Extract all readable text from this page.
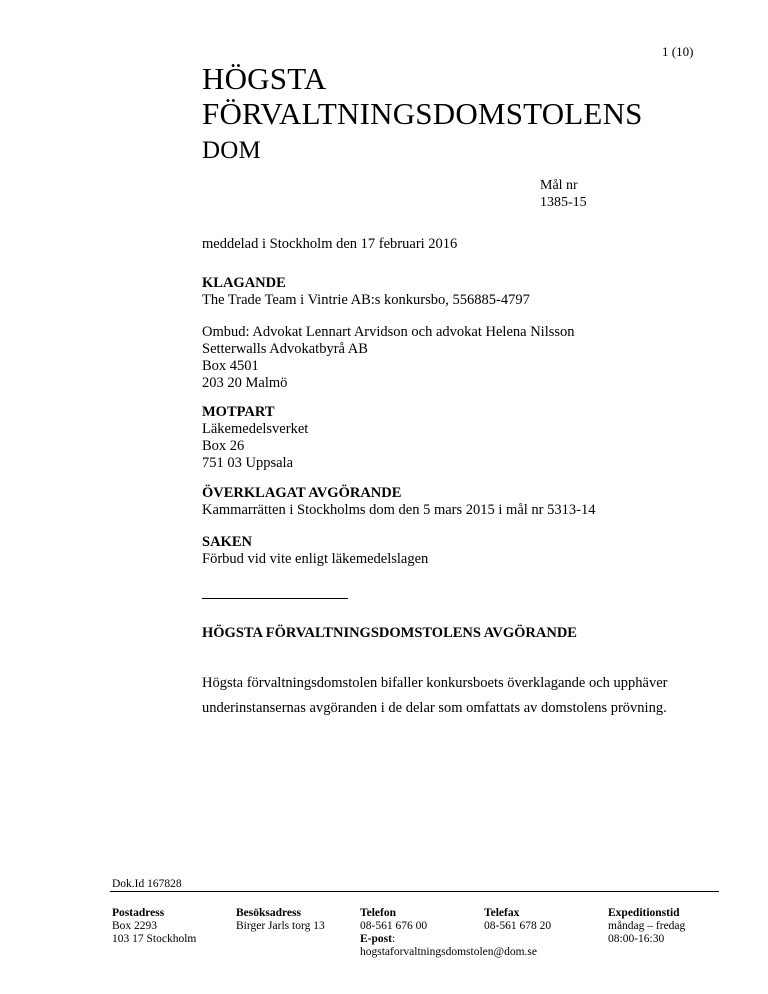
1 (10)
HÖGSTA
FÖRVALTNINGSDOMSTOLENS
DOM
Mål nr
1385-15
meddelad i Stockholm den 17 februari 2016
KLAGANDE
The Trade Team i Vintrie AB:s konkursbo, 556885-4797
Ombud: Advokat Lennart Arvidson och advokat Helena Nilsson
Setterwalls Advokatbyrå AB
Box 4501
203 20 Malmö
MOTPART
Läkemedelsverket
Box 26
751 03 Uppsala
ÖVERKLAGAT AVGÖRANDE
Kammarrätten i Stockholms dom den 5 mars 2015 i mål nr 5313-14
SAKEN
Förbud vid vite enligt läkemedelslagen
HÖGSTA FÖRVALTNINGSDOMSTOLENS AVGÖRANDE
Högsta förvaltningsdomstolen bifaller konkursboets överklagande och upphäver
underinstansernas avgöranden i de delar som omfattats av domstolens prövning.
Dok.Id 167828
Postadress
Box 2293
103 17 Stockholm
Besöksadress
Birger Jarls torg 13
Telefon
08-561 676 00
E-post:
hogstaforvaltningsdomstolen@dom.se
Telefax
08-561 678 20
Expeditionstid
måndag – fredag
08:00-16:30
